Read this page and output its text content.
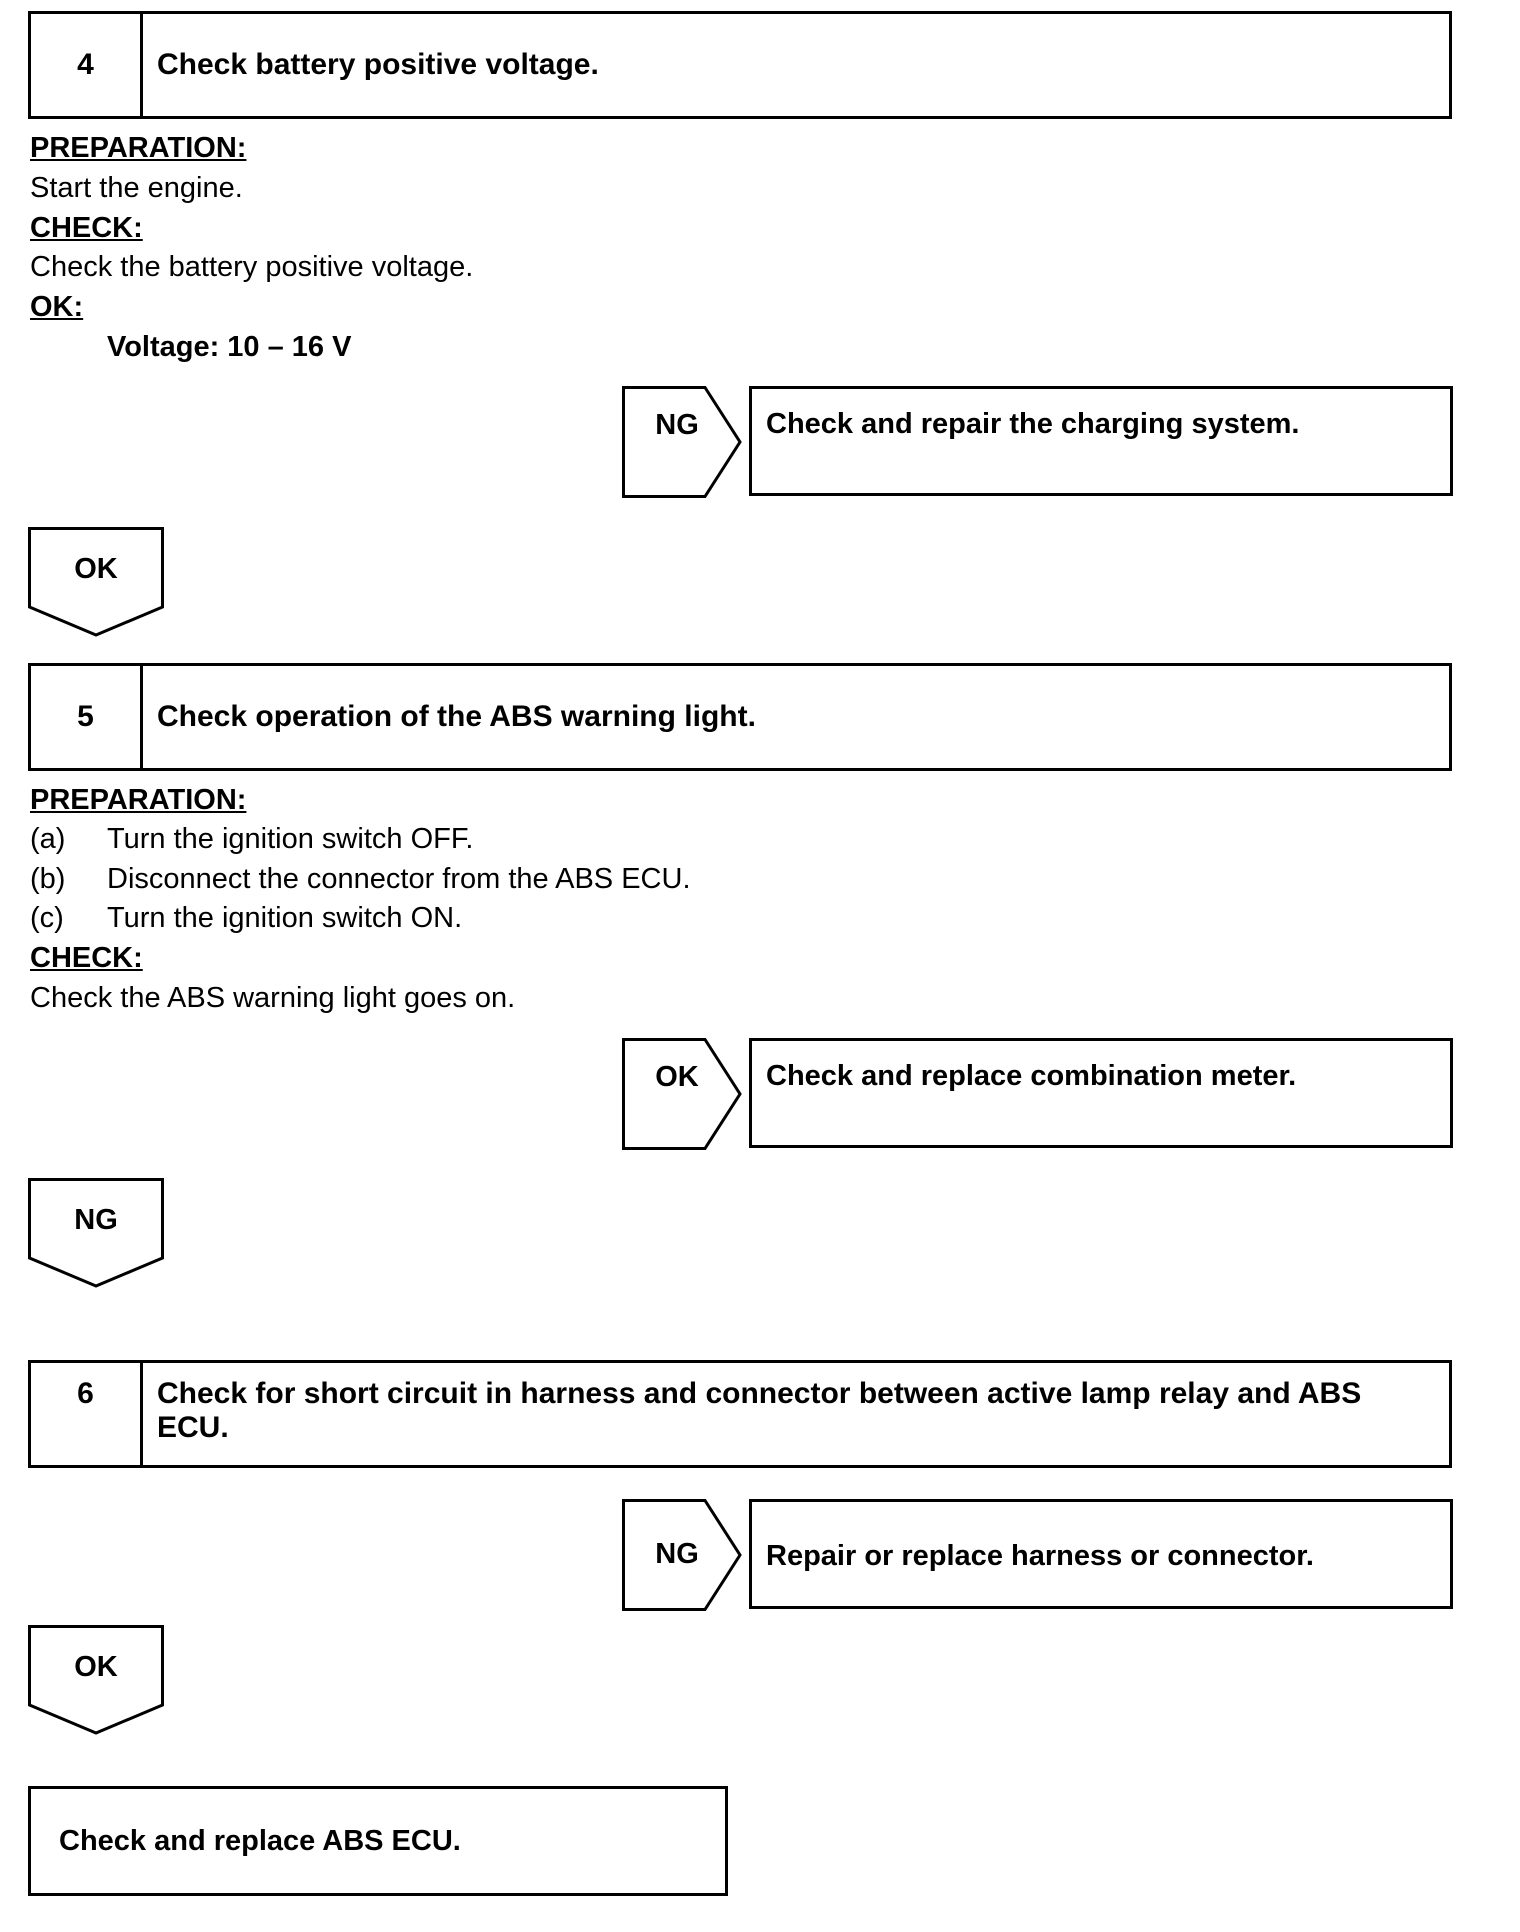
4	Check battery positive voltage.
PREPARATION:
Start the engine.
CHECK:
Check the battery positive voltage.
OK:
Voltage: 10 – 16 V
NG	Check and repair the charging system.
OK
5	Check operation of the ABS warning light.
PREPARATION:
(a) Turn the ignition switch OFF.
(b) Disconnect the connector from the ABS ECU.
(c) Turn the ignition switch ON.
CHECK:
Check the ABS warning light goes on.
OK	Check and replace combination meter.
NG
6	Check for short circuit in harness and connector between active lamp relay and ABS ECU.
NG	Repair or replace harness or connector.
OK
Check and replace ABS ECU.
